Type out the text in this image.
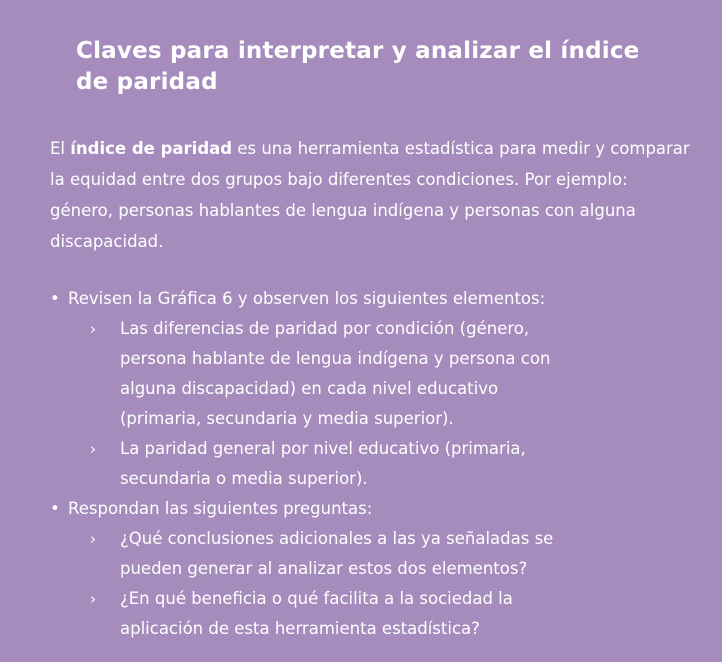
Claves para interpretar y analizar el índice
de paridad

El índice de paridad es una herramienta estadística para medir y comparar la equidad entre dos grupos bajo diferentes condiciones. Por ejemplo: género, personas hablantes de lengua indígena y personas con alguna discapacidad.

• Revisen la Gráfica 6 y observen los siguientes elementos:
› Las diferencias de paridad por condición (género, persona hablante de lengua indígena y persona con alguna discapacidad) en cada nivel educativo (primaria, secundaria y media superior).
› La paridad general por nivel educativo (primaria, secundaria o media superior).
• Respondan las siguientes preguntas:
› ¿Qué conclusiones adicionales a las ya señaladas se pueden generar al analizar estos dos elementos?
› ¿En qué beneficia o qué facilita a la sociedad la aplicación de esta herramienta estadística?
